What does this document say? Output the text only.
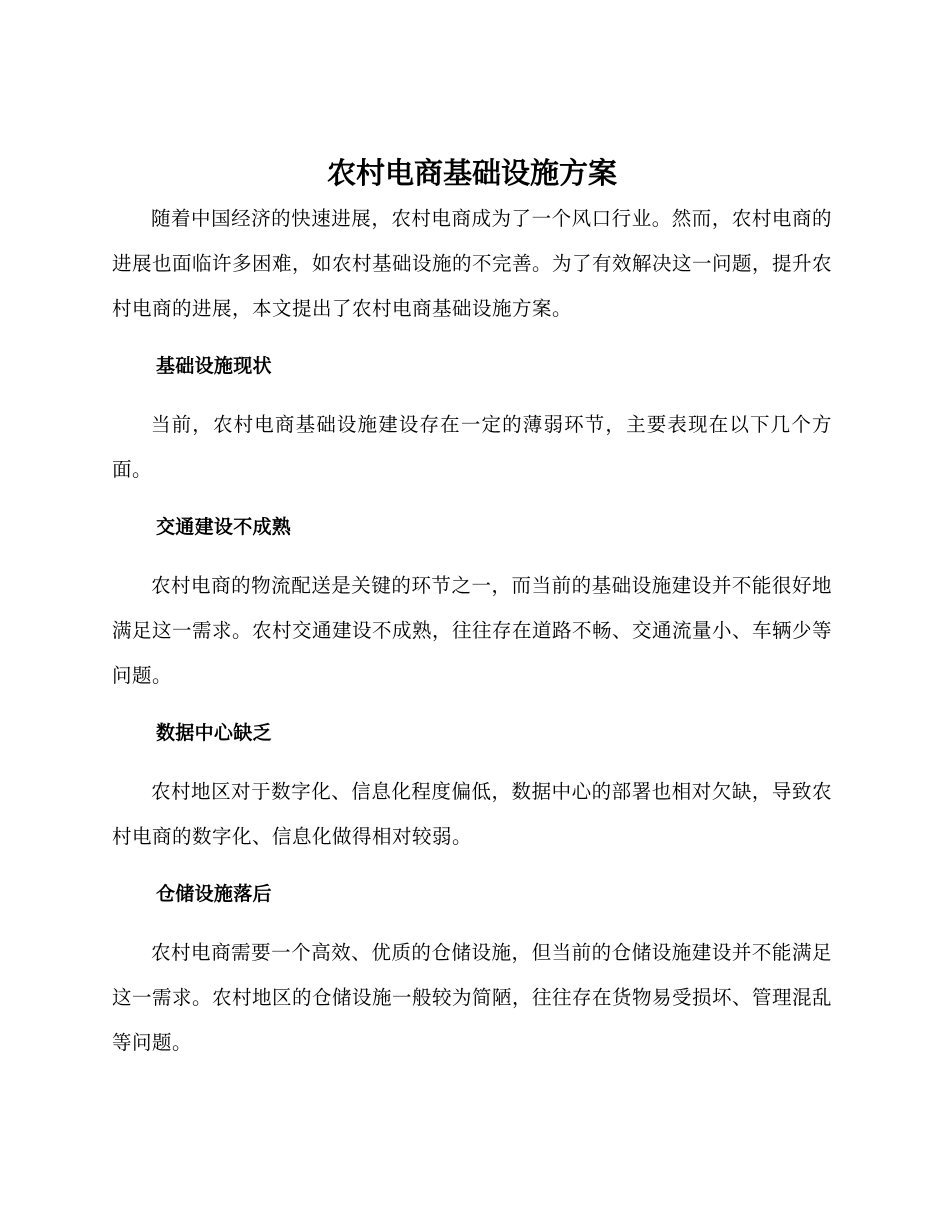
农村电商基础设施方案

随着中国经济的快速进展，农村电商成为了一个风口行业。然而，农村电商的进展也面临许多困难，如农村基础设施的不完善。为了有效解决这一问题，提升农村电商的进展，本文提出了农村电商基础设施方案。

基础设施现状

当前，农村电商基础设施建设存在一定的薄弱环节，主要表现在以下几个方面。

交通建设不成熟

农村电商的物流配送是关键的环节之一，而当前的基础设施建设并不能很好地满足这一需求。农村交通建设不成熟，往往存在道路不畅、交通流量小、车辆少等问题。

数据中心缺乏

农村地区对于数字化、信息化程度偏低，数据中心的部署也相对欠缺，导致农村电商的数字化、信息化做得相对较弱。

仓储设施落后

农村电商需要一个高效、优质的仓储设施，但当前的仓储设施建设并不能满足这一需求。农村地区的仓储设施一般较为简陋，往往存在货物易受损坏、管理混乱等问题。
